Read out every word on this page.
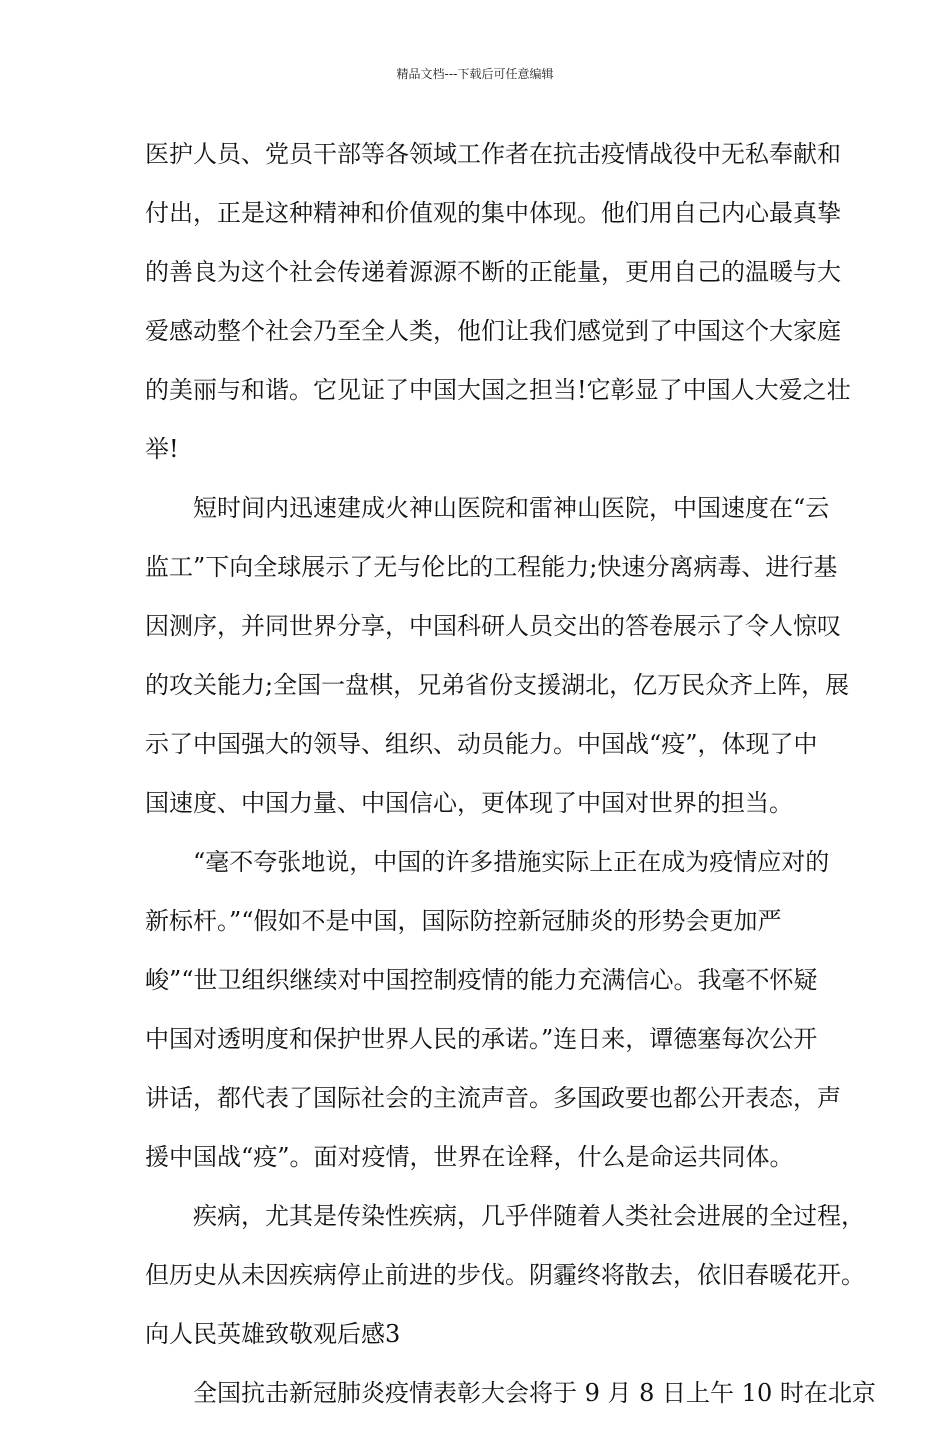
精品文档---下载后可任意编辑
医护人员、党员干部等各领域工作者在抗击疫情战役中无私奉献和
付出，正是这种精神和价值观的集中体现。他们用自己内心最真挚
的善良为这个社会传递着源源不断的正能量，更用自己的温暖与大
爱感动整个社会乃至全人类，他们让我们感觉到了中国这个大家庭
的美丽与和谐。它见证了中国大国之担当!它彰显了中国人大爱之壮
举!
短时间内迅速建成火神山医院和雷神山医院，中国速度在“云
监工”下向全球展示了无与伦比的工程能力;快速分离病毒、进行基
因测序，并同世界分享，中国科研人员交出的答卷展示了令人惊叹
的攻关能力;全国一盘棋，兄弟省份支援湖北，亿万民众齐上阵，展
示了中国强大的领导、组织、动员能力。中国战“疫”，体现了中
国速度、中国力量、中国信心，更体现了中国对世界的担当。
“毫不夸张地说，中国的许多措施实际上正在成为疫情应对的
新标杆。”“假如不是中国，国际防控新冠肺炎的形势会更加严
峻”“世卫组织继续对中国控制疫情的能力充满信心。我毫不怀疑
中国对透明度和保护世界人民的承诺。”连日来，谭德塞每次公开
讲话，都代表了国际社会的主流声音。多国政要也都公开表态，声
援中国战“疫”。面对疫情，世界在诠释，什么是命运共同体。
疾病，尤其是传染性疾病，几乎伴随着人类社会进展的全过程，
但历史从未因疾病停止前进的步伐。阴霾终将散去，依旧春暖花开。
向人民英雄致敬观后感3
全国抗击新冠肺炎疫情表彰大会将于 9 月 8 日上午 10 时在北京
